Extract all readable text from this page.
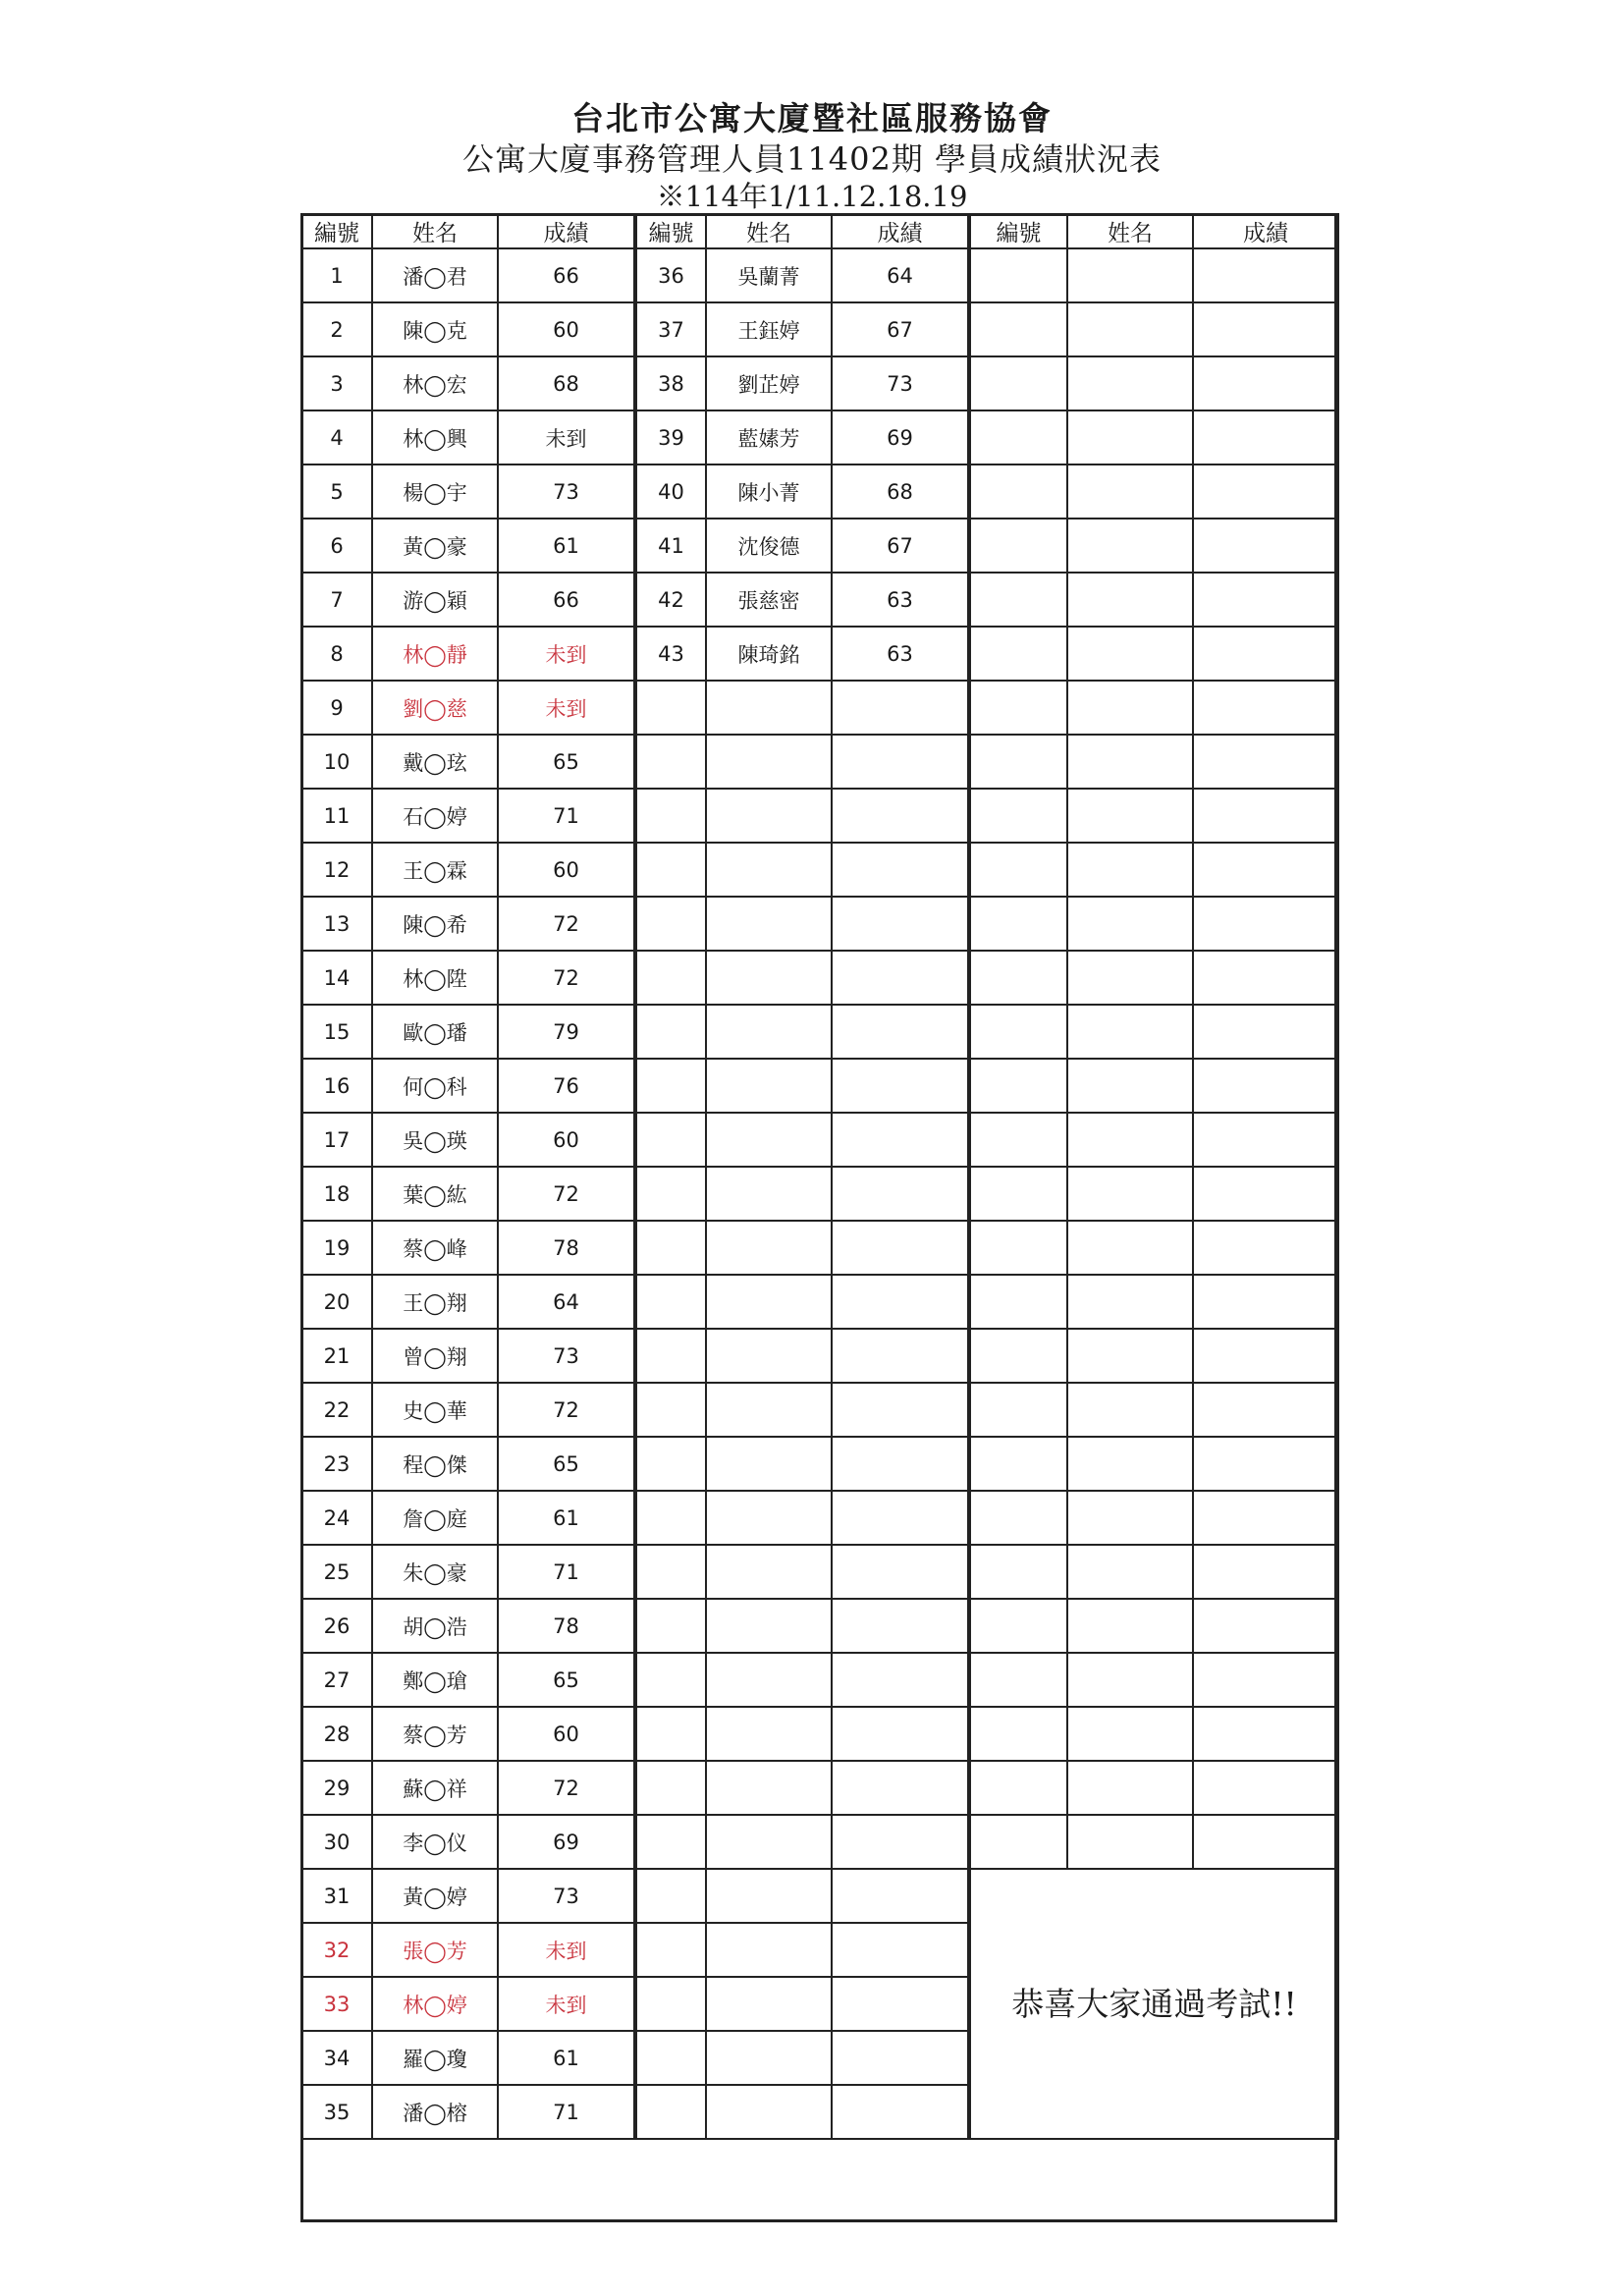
台北市公寓大廈暨社區服務協會
公寓大廈事務管理人員11402期 學員成績狀況表
※114年1/11.12.18.19
編號	姓名	成績	編號	姓名	成績	編號	姓名	成績
1	潘◯君	66	36	吳蘭菁	64			
2	陳◯克	60	37	王鈺婷	67			
3	林◯宏	68	38	劉芷婷	73			
4	林◯興	未到	39	藍嫊芳	69			
5	楊◯宇	73	40	陳小菁	68			
6	黃◯豪	61	41	沈俊德	67			
7	游◯穎	66	42	張慈密	63			
8	林◯靜	未到	43	陳琦銘	63			
9	劉◯慈	未到						
10	戴◯玹	65						
11	石◯婷	71						
12	王◯霖	60						
13	陳◯希	72						
14	林◯陞	72						
15	歐◯璠	79						
16	何◯科	76						
17	吳◯瑛	60						
18	葉◯紘	72						
19	蔡◯峰	78						
20	王◯翔	64						
21	曾◯翔	73						
22	史◯華	72						
23	程◯傑	65						
24	詹◯庭	61						
25	朱◯豪	71						
26	胡◯浩	78						
27	鄭◯瑲	65						
28	蔡◯芳	60						
29	蘇◯祥	72						
30	李◯仪	69						
31	黃◯婷	73				恭喜大家通過考試!!		
32	張◯芳	未到						
33	林◯婷	未到						
34	羅◯瓊	61						
35	潘◯榕	71						
